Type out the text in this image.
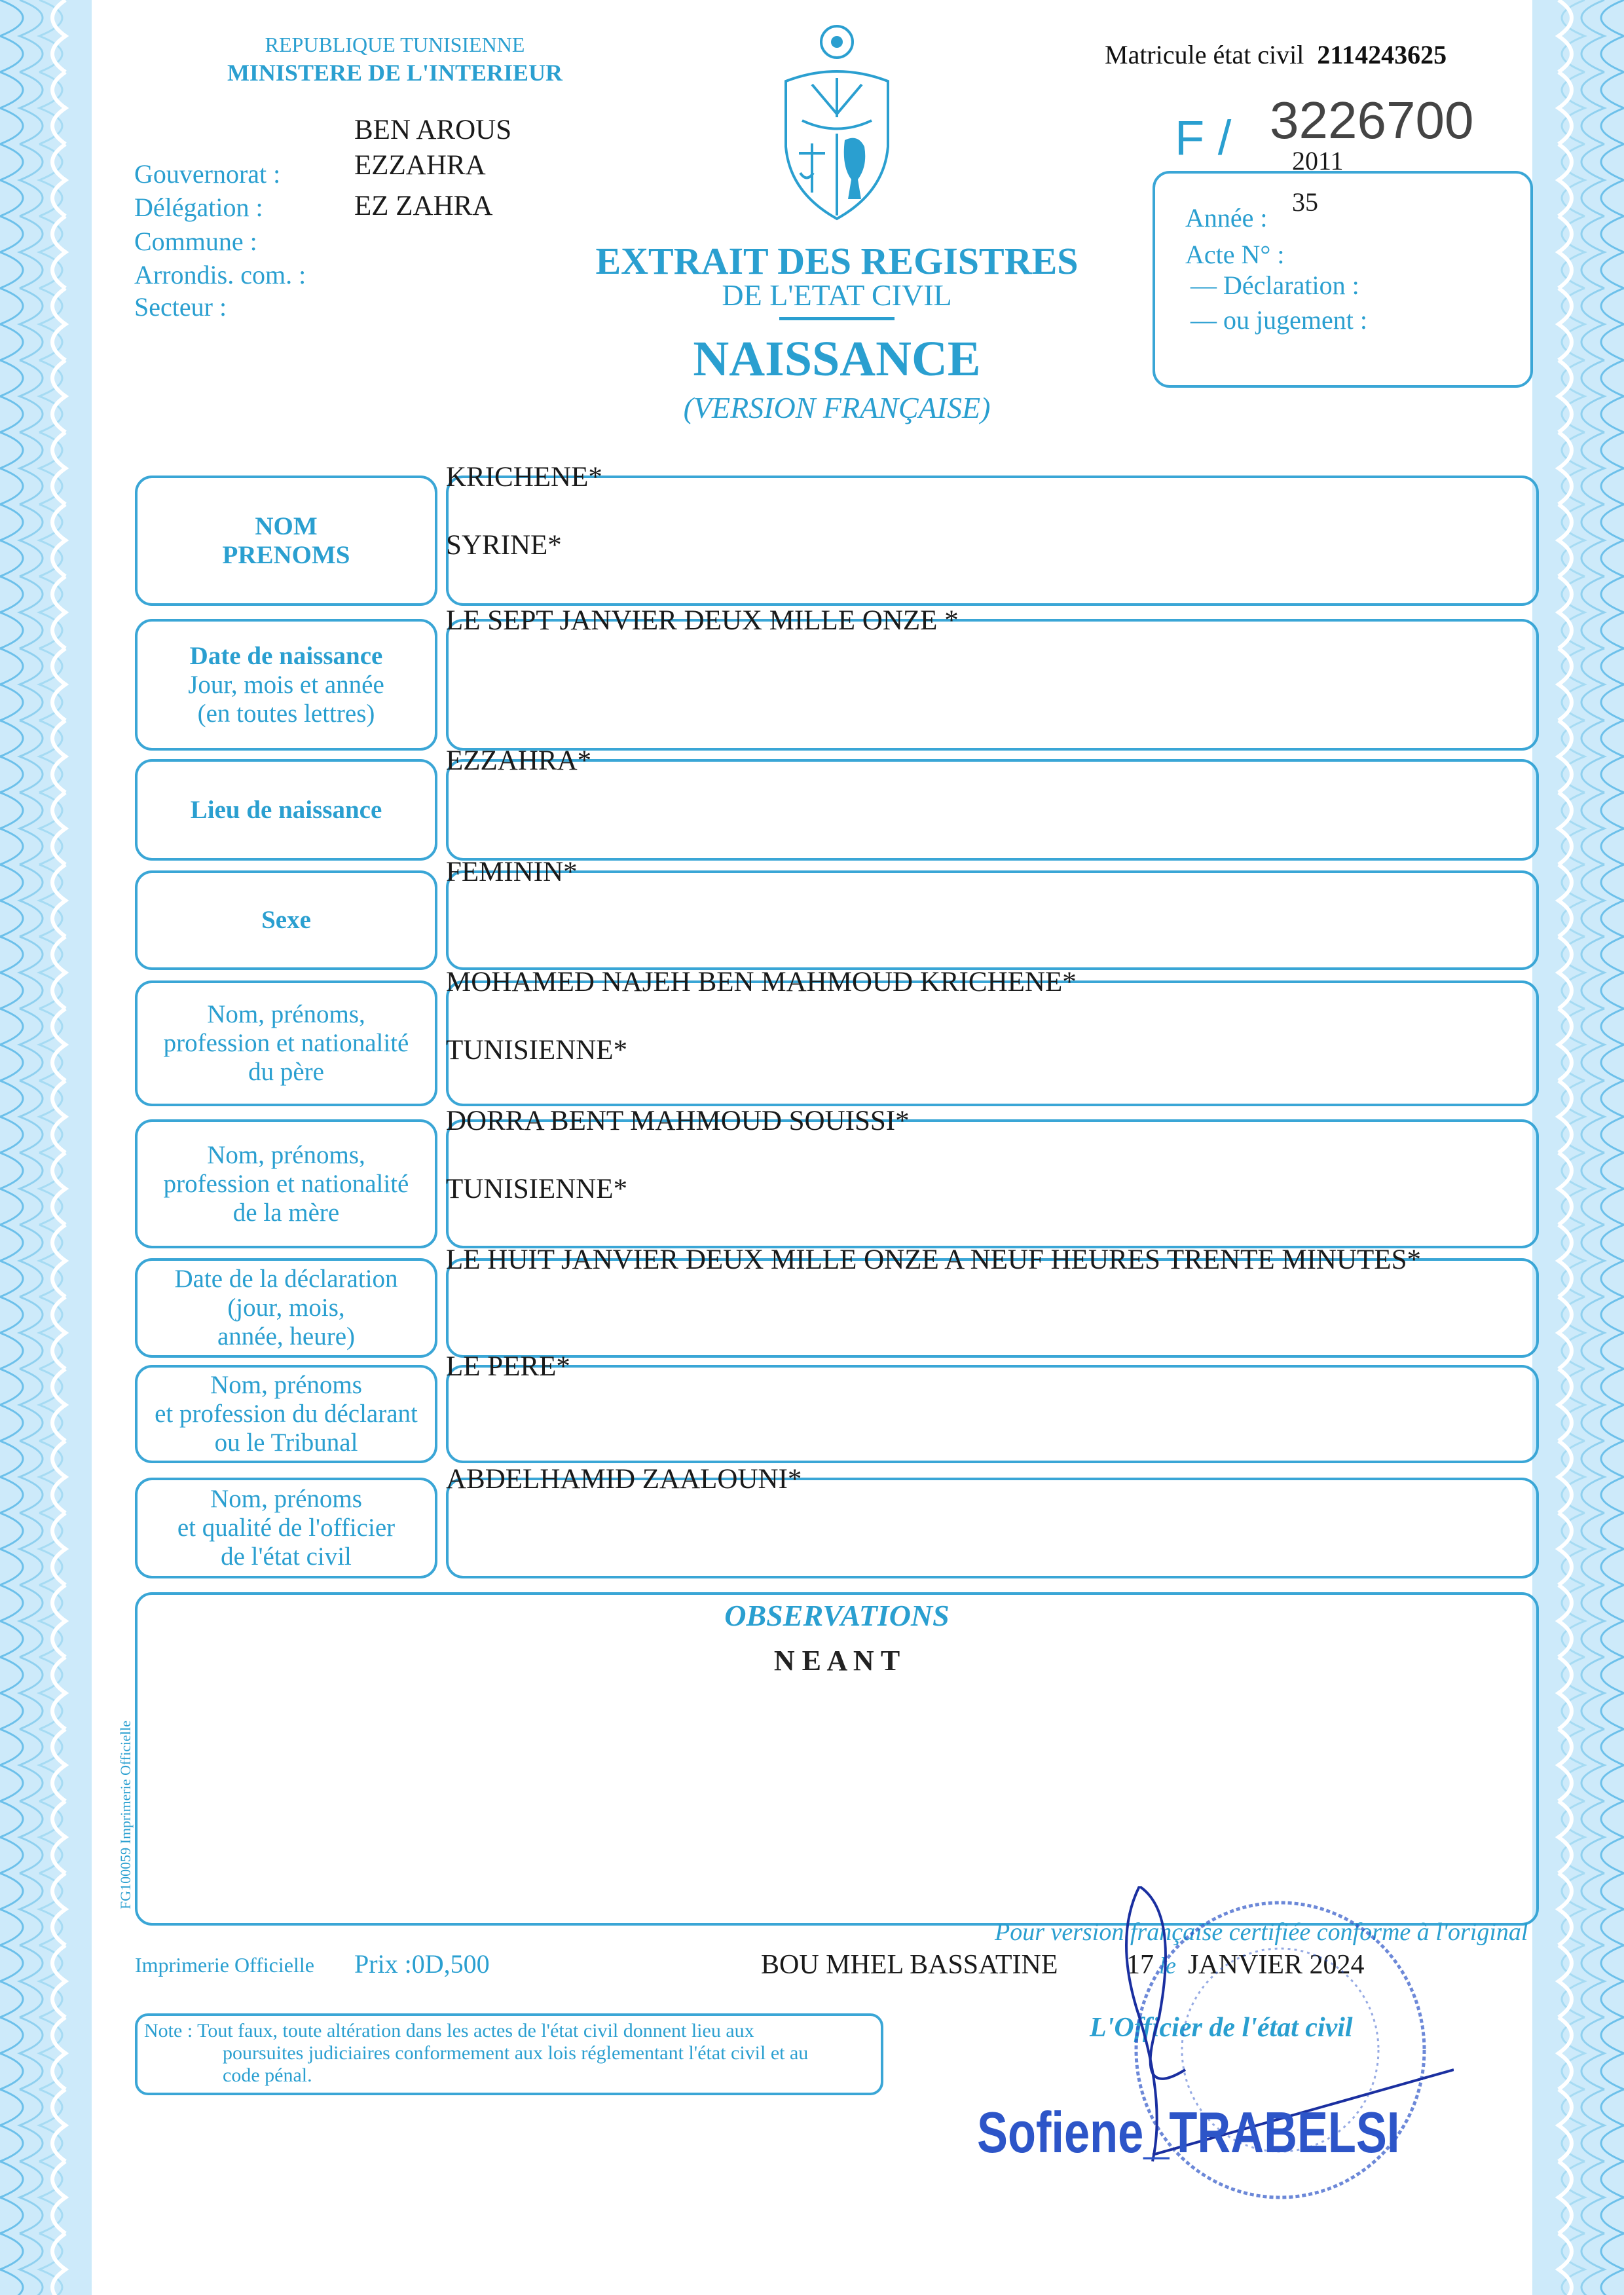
REPUBLIQUE TUNISIENNE
MINISTERE DE L'INTERIEUR
Gouvernorat :
Délégation :
Commune :
Arrondis. com. :
Secteur :
BEN AROUS
EZZAHRA
EZ ZAHRA
Matricule état civil 2114243625
F / 3226700
2011
35
Année :
Acte N° :
— Déclaration :
— ou jugement :
EXTRAIT DES REGISTRES
DE L'ETAT CIVIL
NAISSANCE
(VERSION FRANÇAISE)
NOM
PRENOMS
KRICHENE*
SYRINE*
Date de naissance
Jour, mois et année
(en toutes lettres)
LE SEPT JANVIER DEUX MILLE ONZE *
Lieu de naissance
EZZAHRA*
Sexe
FEMININ*
Nom, prénoms,
profession et nationalité
du père
MOHAMED NAJEH BEN MAHMOUD KRICHENE*
TUNISIENNE*
Nom, prénoms,
profession et nationalité
de la mère
DORRA BENT MAHMOUD SOUISSI*
TUNISIENNE*
Date de la déclaration
(jour, mois,
année, heure)
LE HUIT JANVIER DEUX MILLE ONZE A NEUF HEURES TRENTE MINUTES*
Nom, prénoms
et profession du déclarant
ou le Tribunal
LE PERE*
Nom, prénoms
et qualité de l'officier
de l'état civil
ABDELHAMID ZAALOUNI*
OBSERVATIONS
N E A N T
FG100059 Imprimerie Officielle
Imprimerie Officielle Prix :0D,500	BOU MHEL BASSATINE 17 le JANVIER 2024
Pour version française certifiée conforme à l'original
L'Officier de l'état civil
Note : Tout faux, toute altération dans les actes de l'état civil donnent lieu aux
poursuites judiciaires conformement aux lois réglementant l'état civil et au
code pénal.
Sofiene_TRABELSI
